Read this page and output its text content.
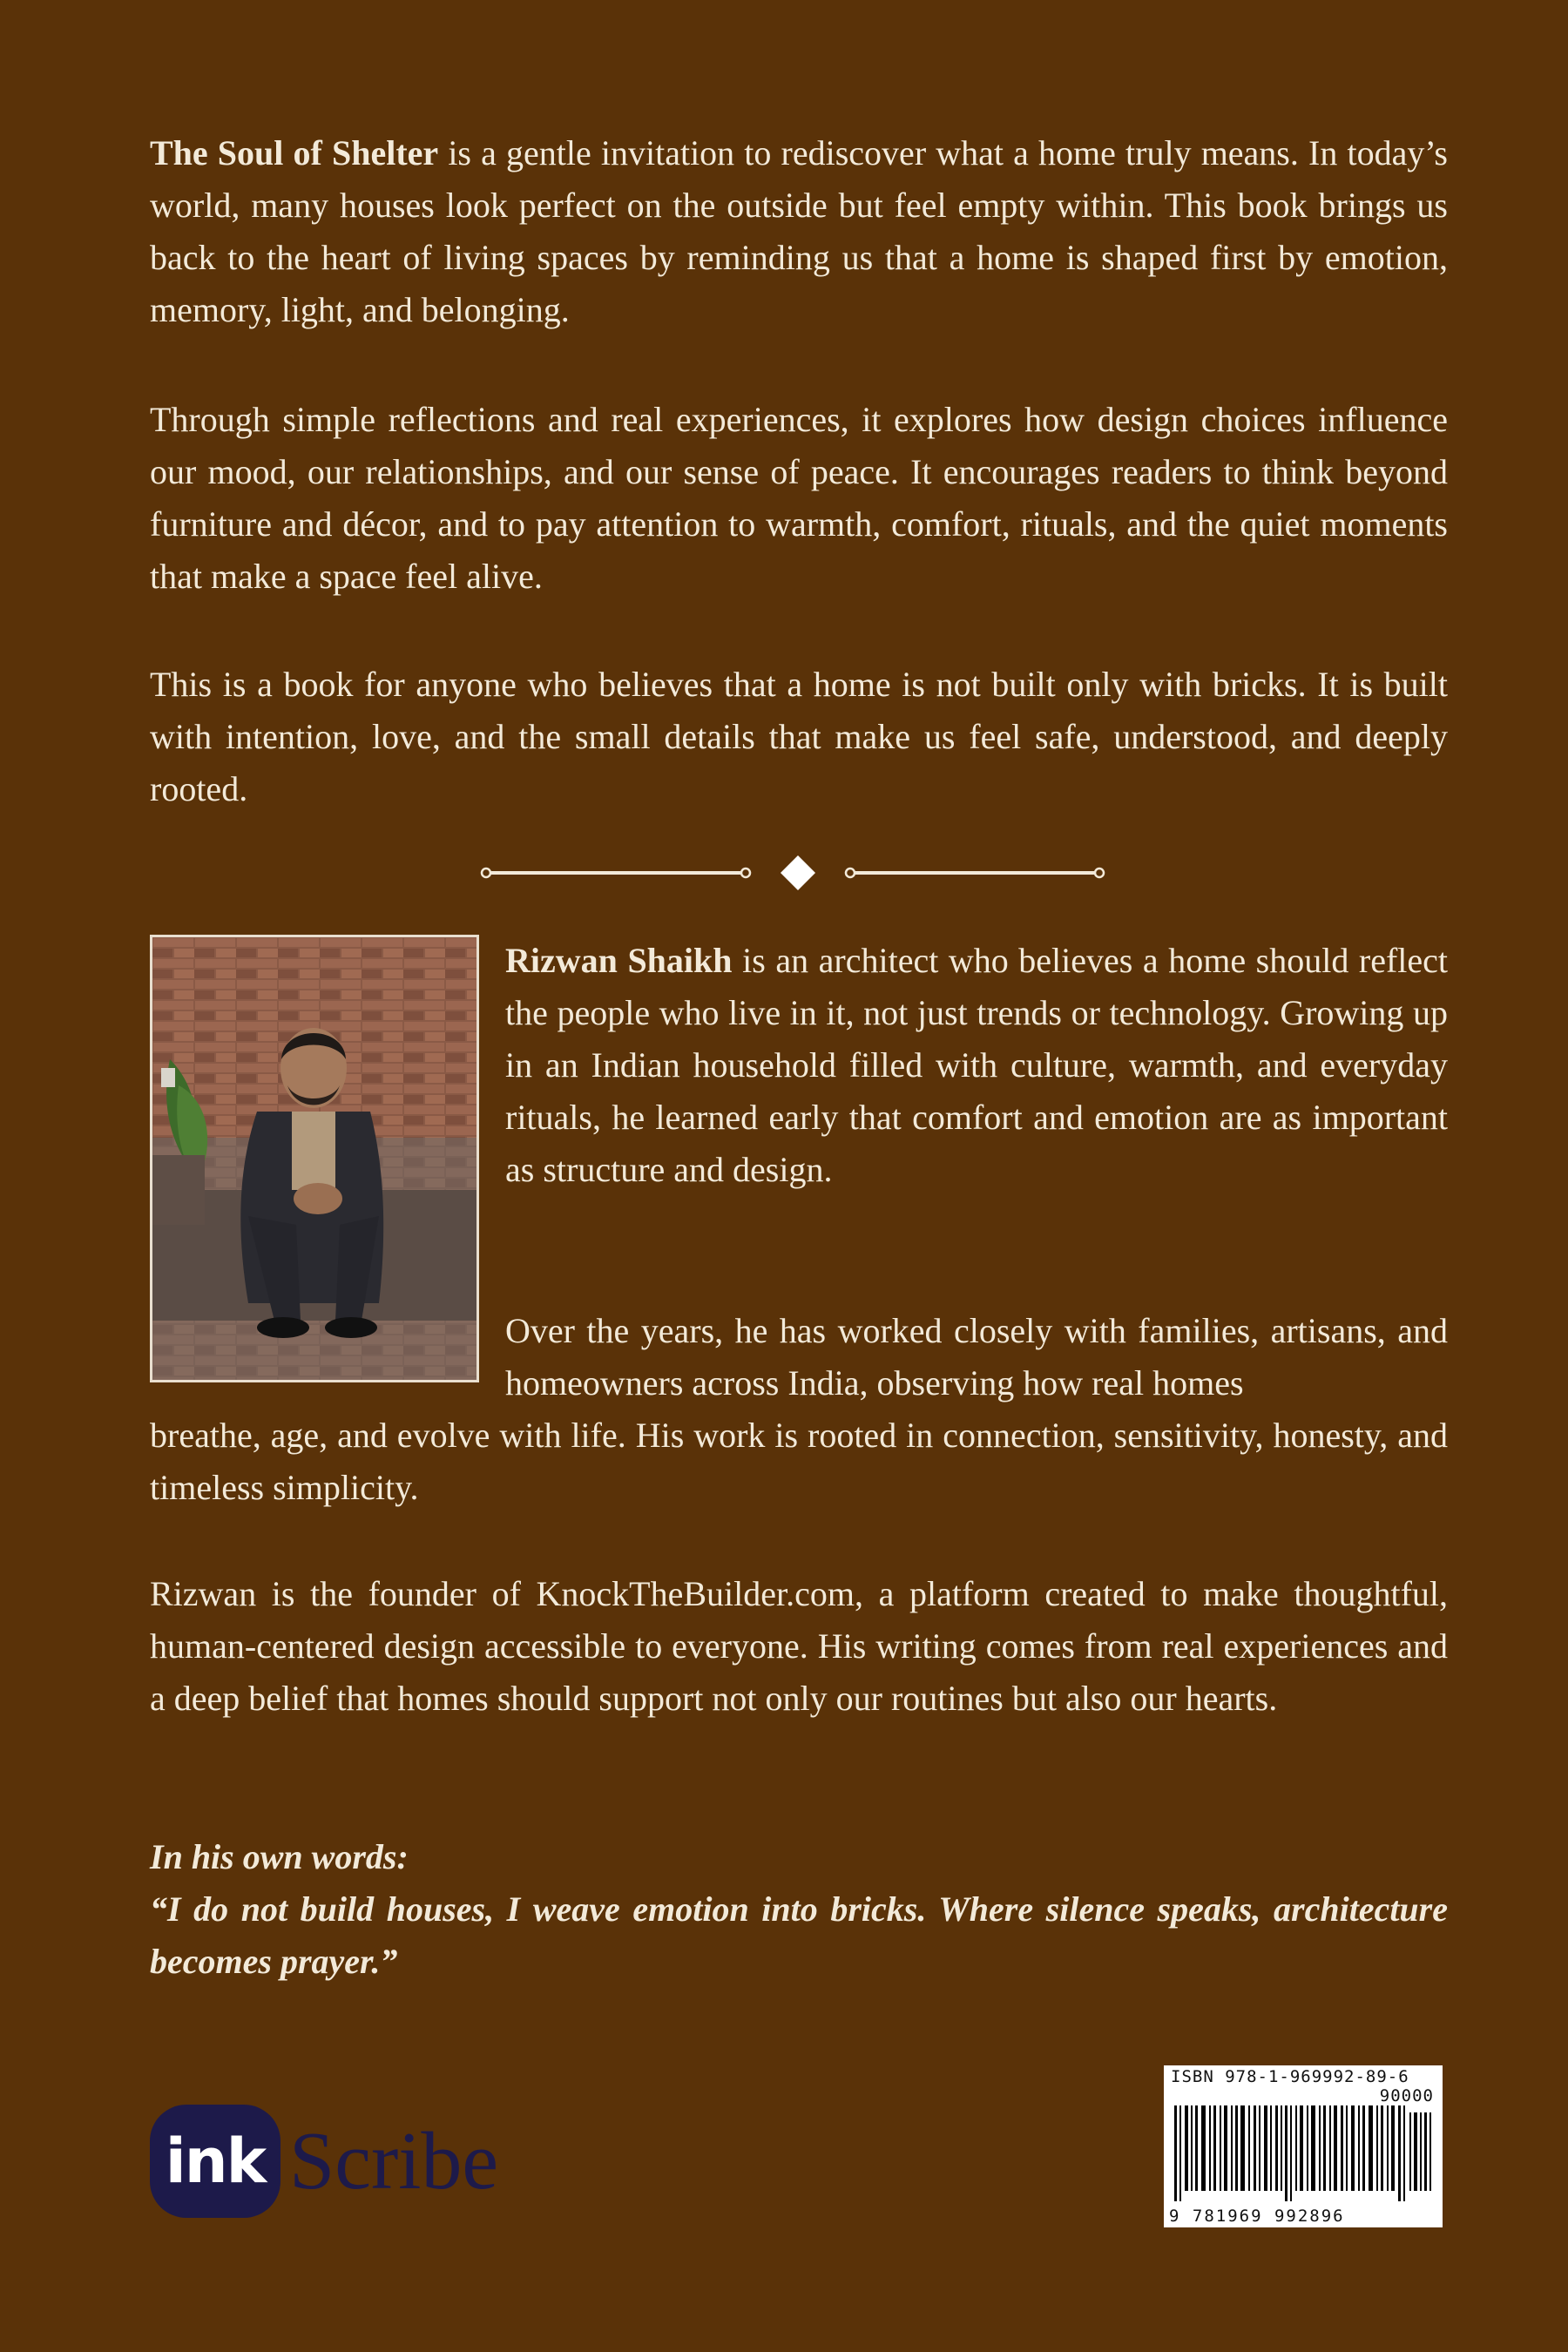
The Soul of Shelter is a gentle invitation to rediscover what a home truly means. In today’s world, many houses look perfect on the outside but feel empty within. This book brings us back to the heart of living spaces by reminding us that a home is shaped first by emotion, memory, light, and belonging.

Through simple reflections and real experiences, it explores how design choices influence our mood, our relationships, and our sense of peace. It encourages readers to think beyond furniture and décor, and to pay attention to warmth, comfort, rituals, and the quiet moments that make a space feel alive.

This is a book for anyone who believes that a home is not built only with bricks. It is built with intention, love, and the small details that make us feel safe, understood, and deeply rooted.

Rizwan Shaikh is an architect who believes a home should reflect the people who live in it, not just trends or technology. Growing up in an Indian household filled with culture, warmth, and everyday rituals, he learned early that comfort and emotion are as important as structure and design.

Over the years, he has worked closely with families, artisans, and homeowners across India, observing how real homes

breathe, age, and evolve with life. His work is rooted in connection, sensitivity, honesty, and timeless simplicity.

Rizwan is the founder of KnockTheBuilder.com, a platform created to make thoughtful, human-centered design accessible to everyone. His writing comes from real experiences and a deep belief that homes should support not only our routines but also our hearts.

In his own words:

“I do not build houses, I weave emotion into bricks. Where silence speaks, architecture becomes prayer.”

ink Scribe
ISBN 978-1-969992-89-6
90000
9 781969 992896
